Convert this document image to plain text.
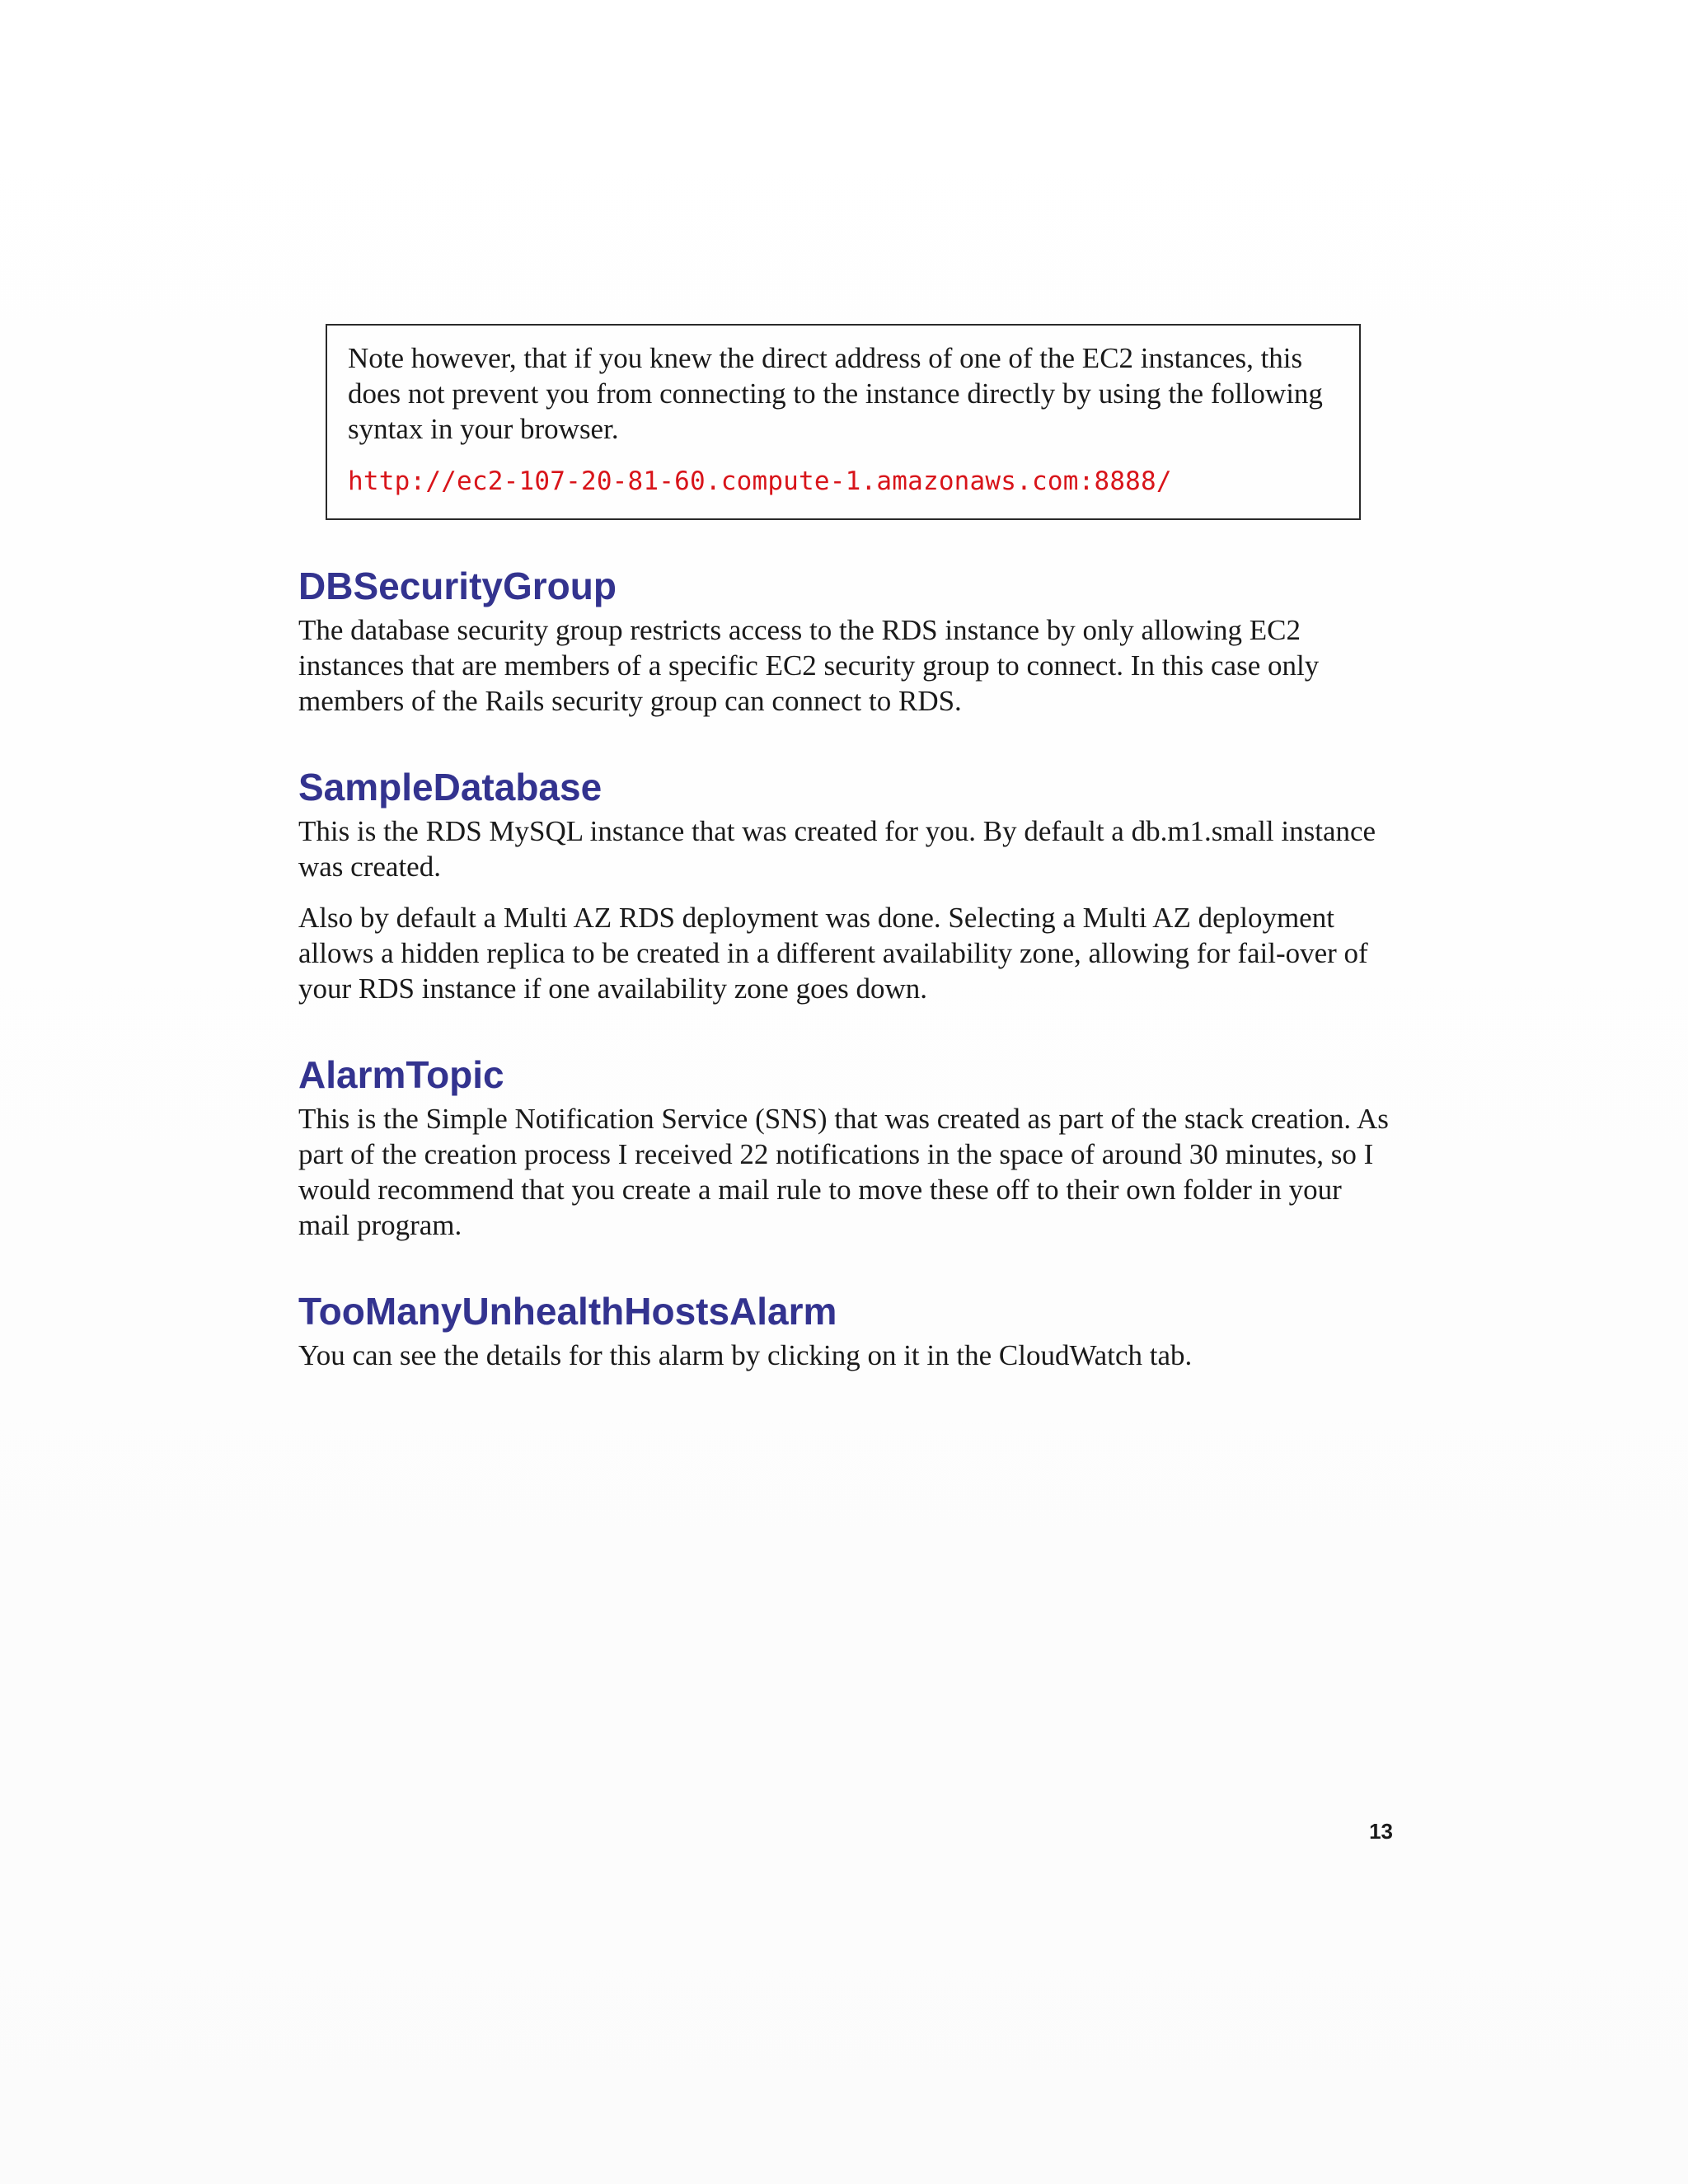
Note however, that if you knew the direct address of one of the EC2 instances, this does not prevent you from connecting to the instance directly by using the following syntax in your browser.

http://ec2-107-20-81-60.compute-1.amazonaws.com:8888/
DBSecurityGroup

The database security group restricts access to the RDS instance by only allowing EC2 instances that are members of a specific EC2 security group to connect. In this case only members of the Rails security group can connect to RDS.

SampleDatabase

This is the RDS MySQL instance that was created for you. By default a db.m1.small instance was created.

Also by default a Multi AZ RDS deployment was done. Selecting a Multi AZ deployment allows a hidden replica to be created in a different availability zone, allowing for fail-over of your RDS instance if one availability zone goes down.

AlarmTopic

This is the Simple Notification Service (SNS) that was created as part of the stack creation. As part of the creation process I received 22 notifications in the space of around 30 minutes, so I would recommend that you create a mail rule to move these off to their own folder in your mail program.

TooManyUnhealthHostsAlarm

You can see the details for this alarm by clicking on it in the CloudWatch tab.

13
